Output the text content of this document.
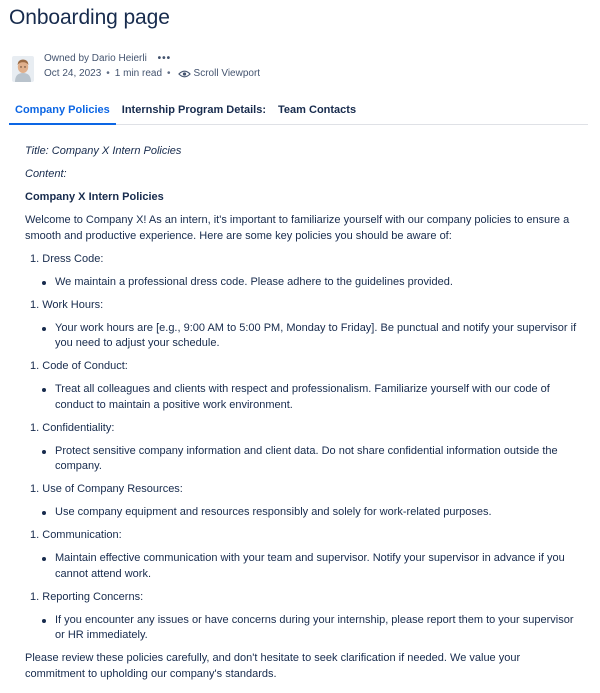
Onboarding page
Owned by Dario Heierli •••
Oct 24, 2023 • 1 min read • Scroll Viewport
Company Policies	Internship Program Details:	Team Contacts
Title: Company X Intern Policies
Content:
Company X Intern Policies
Welcome to Company X! As an intern, it's important to familiarize yourself with our company policies to ensure a smooth and productive experience. Here are some key policies you should be aware of:
1. Dress Code:
We maintain a professional dress code. Please adhere to the guidelines provided.
1. Work Hours:
Your work hours are [e.g., 9:00 AM to 5:00 PM, Monday to Friday]. Be punctual and notify your supervisor if you need to adjust your schedule.
1. Code of Conduct:
Treat all colleagues and clients with respect and professionalism. Familiarize yourself with our code of conduct to maintain a positive work environment.
1. Confidentiality:
Protect sensitive company information and client data. Do not share confidential information outside the company.
1. Use of Company Resources:
Use company equipment and resources responsibly and solely for work-related purposes.
1. Communication:
Maintain effective communication with your team and supervisor. Notify your supervisor in advance if you cannot attend work.
1. Reporting Concerns:
If you encounter any issues or have concerns during your internship, please report them to your supervisor or HR immediately.
Please review these policies carefully, and don't hesitate to seek clarification if needed. We value your commitment to upholding our company's standards.
